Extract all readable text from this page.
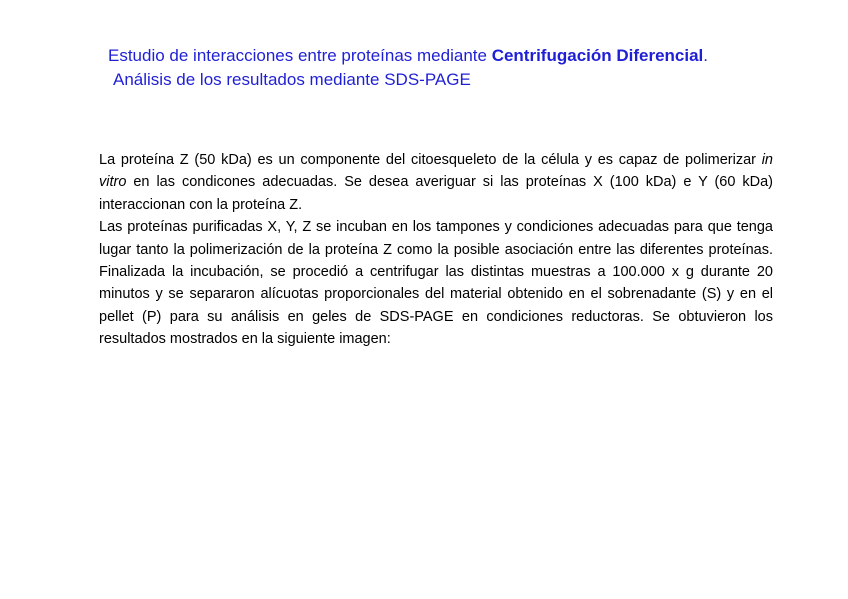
Estudio de interacciones entre proteínas mediante Centrifugación Diferencial.
Análisis de los resultados mediante SDS-PAGE

La proteína Z (50 kDa) es un componente del citoesqueleto de la célula y es capaz de polimerizar in vitro en las condicones adecuadas. Se desea averiguar si las proteínas X (100 kDa) e Y (60 kDa) interaccionan con la proteína Z.

Las proteínas purificadas X, Y, Z se incuban en los tampones y condiciones adecuadas para que tenga lugar tanto la polimerización de la proteína Z como la posible asociación entre las diferentes proteínas. Finalizada la incubación, se procedió a centrifugar las distintas muestras a 100.000 x g durante 20 minutos y se separaron alícuotas proporcionales del material obtenido en el sobrenadante (S) y en el pellet (P) para su análisis en geles de SDS-PAGE en condiciones reductoras. Se obtuvieron los resultados mostrados en la siguiente imagen:
